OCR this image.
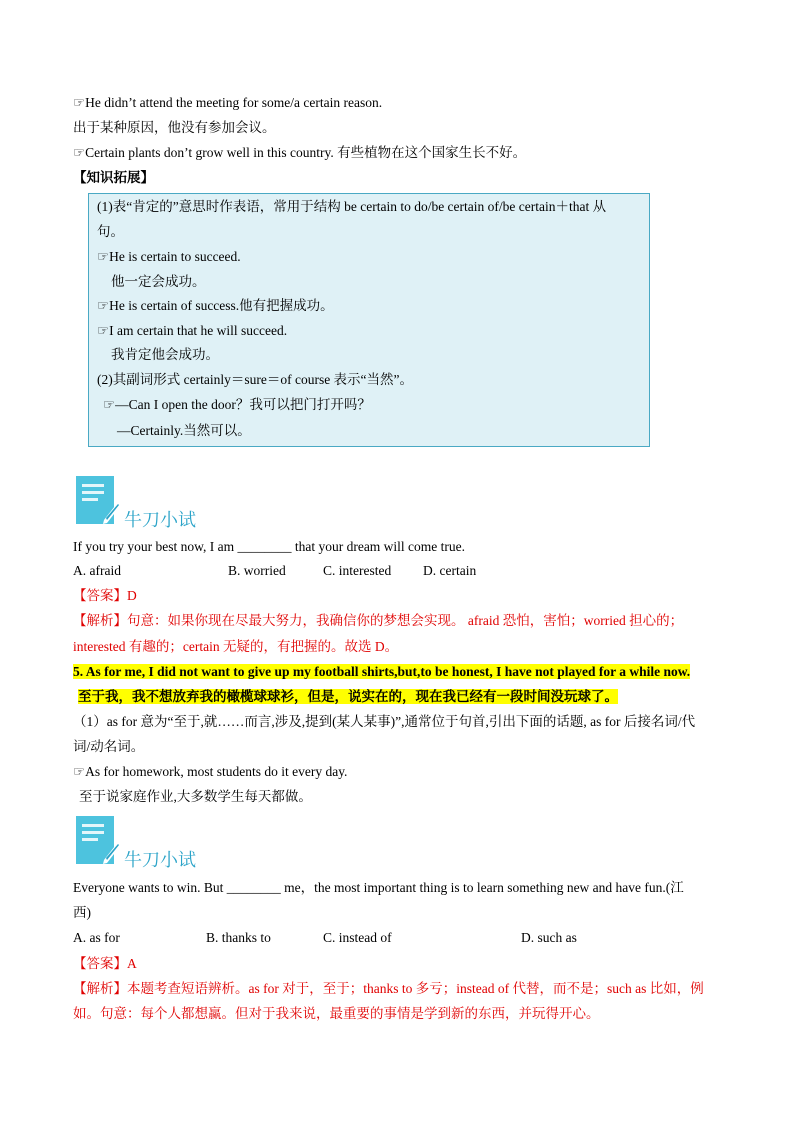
☞He didn’t attend the meeting for some/a certain reason.
出于某种原因，他没有参加会议。
☞Certain plants don’t grow well in this country. 有些植物在这个国家生长不好。
【知识拓展】
(1)表“肯定的”意思时作表语，常用于结构 be certain to do/be certain of/be certain＋that 从
句。
☞He is certain to succeed.
他一定会成功。
☞He is certain of success.他有把握成功。
☞I am certain that he will succeed.
我肯定他会成功。
(2)其副词形式 certainly＝sure＝of course 表示“当然”。
☞—Can I open the door？我可以把门打开吗？
—Certainly.当然可以。
牛刀小试
If you try your best now, I am ________ that your dream will come true.
A. afraid	B. worried	C. interested D. certain
【答案】D
【解析】句意：如果你现在尽最大努力，我确信你的梦想会实现。 afraid 恐怕，害怕；worried 担心的；
interested 有趣的；certain 无疑的，有把握的。故选 D。
5. As for me, I did not want to give up my football shirts,but,to be honest, I have not played for a while now.
至于我，我不想放弃我的橄榄球球衫，但是，说实在的，现在我已经有一段时间没玩球了。
（1）as for 意为“至于,就……而言,涉及,提到(某人某事)”,通常位于句首,引出下面的话题, as for 后接名词/代
词/动名词。
☞As for homework, most students do it every day.
至于说家庭作业,大多数学生每天都做。
牛刀小试
Everyone wants to win. But ________ me，the most important thing is to learn something new and have fun.(江
西)
A. as for	B. thanks to	C. instead of	D. such as
【答案】A
【解析】本题考查短语辨析。as for 对于，至于；thanks to 多亏；instead of 代替，而不是；such as 比如，例
如。句意：每个人都想赢。但对于我来说，最重要的事情是学到新的东西，并玩得开心。
